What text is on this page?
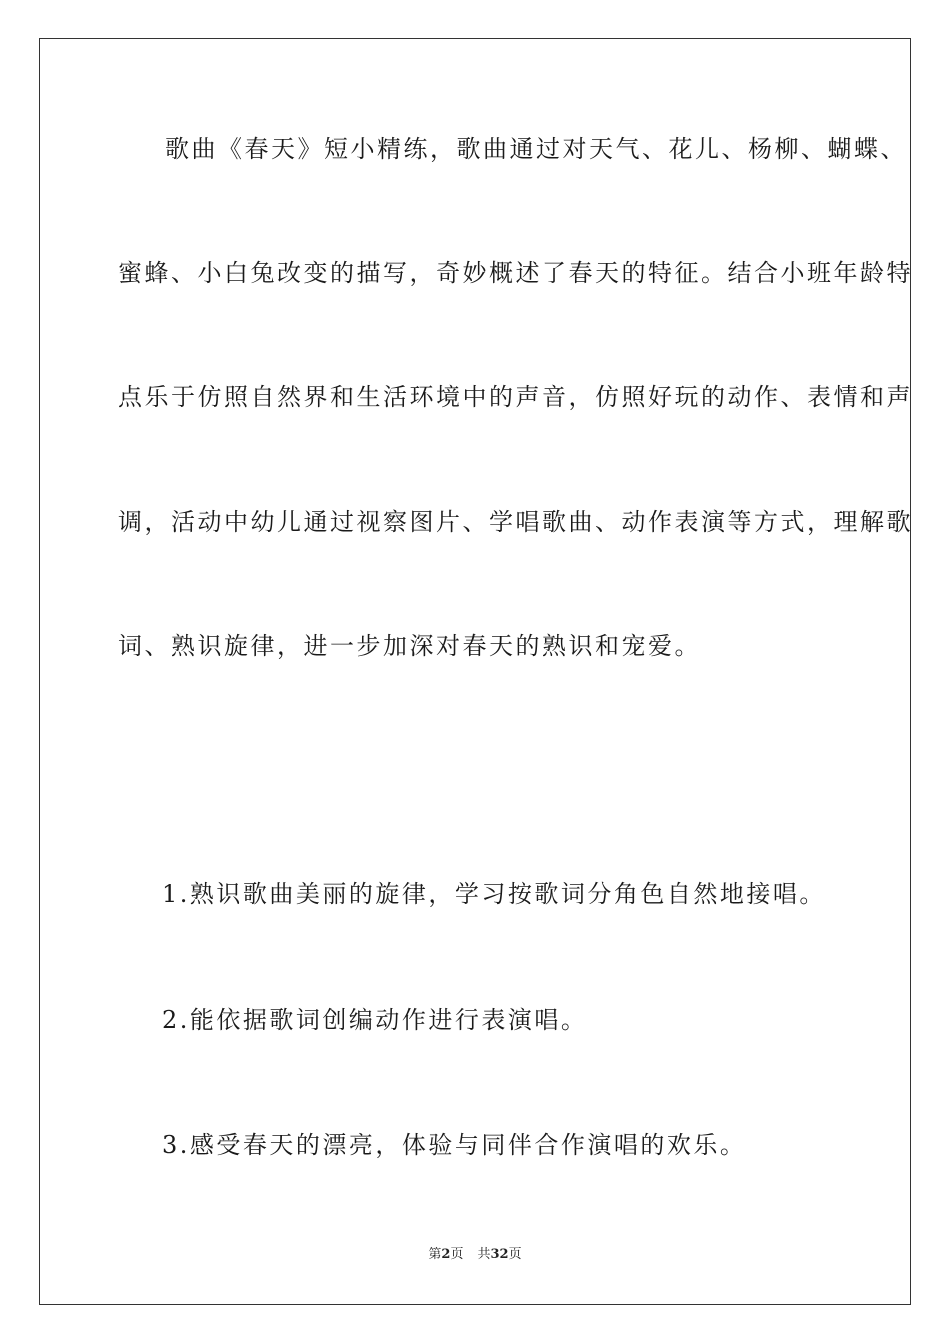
歌曲《春天》短小精练，歌曲通过对天气、花儿、杨柳、蝴蝶、
蜜蜂、小白兔改变的描写，奇妙概述了春天的特征。结合小班年龄特
点乐于仿照自然界和生活环境中的声音，仿照好玩的动作、表情和声
调，活动中幼儿通过视察图片、学唱歌曲、动作表演等方式，理解歌
词、熟识旋律，进一步加深对春天的熟识和宠爱。
1.熟识歌曲美丽的旋律，学习按歌词分角色自然地接唱。
2.能依据歌词创编动作进行表演唱。
3.感受春天的漂亮，体验与同伴合作演唱的欢乐。
第2页 共32页
